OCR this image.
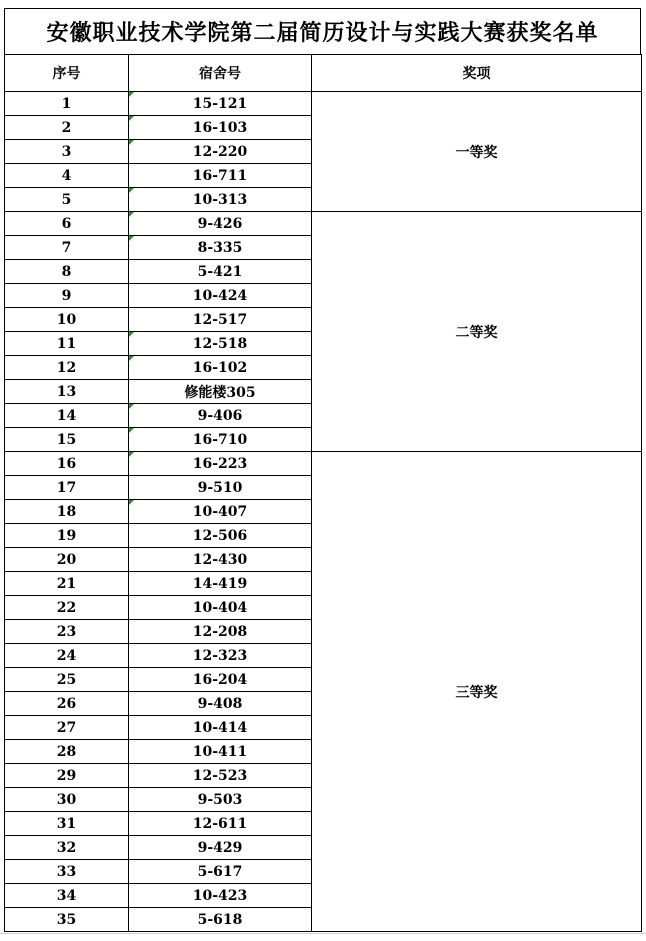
安徽职业技术学院第二届简历设计与实践大赛获奖名单
序号	宿舍号	奖项
1	15-121	一等奖
2	16-103	
3	12-220	
4	16-711	
5	10-313	
6	9-426	二等奖
7	8-335	
8	5-421	
9	10-424	
10	12-517	
11	12-518	
12	16-102	
13	修能楼305	
14	9-406	
15	16-710	
16	16-223	三等奖
17	9-510	
18	10-407	
19	12-506	
20	12-430	
21	14-419	
22	10-404	
23	12-208	
24	12-323	
25	16-204	
26	9-408	
27	10-414	
28	10-411	
29	12-523	
30	9-503	
31	12-611	
32	9-429	
33	5-617	
34	10-423	
35	5-618	
